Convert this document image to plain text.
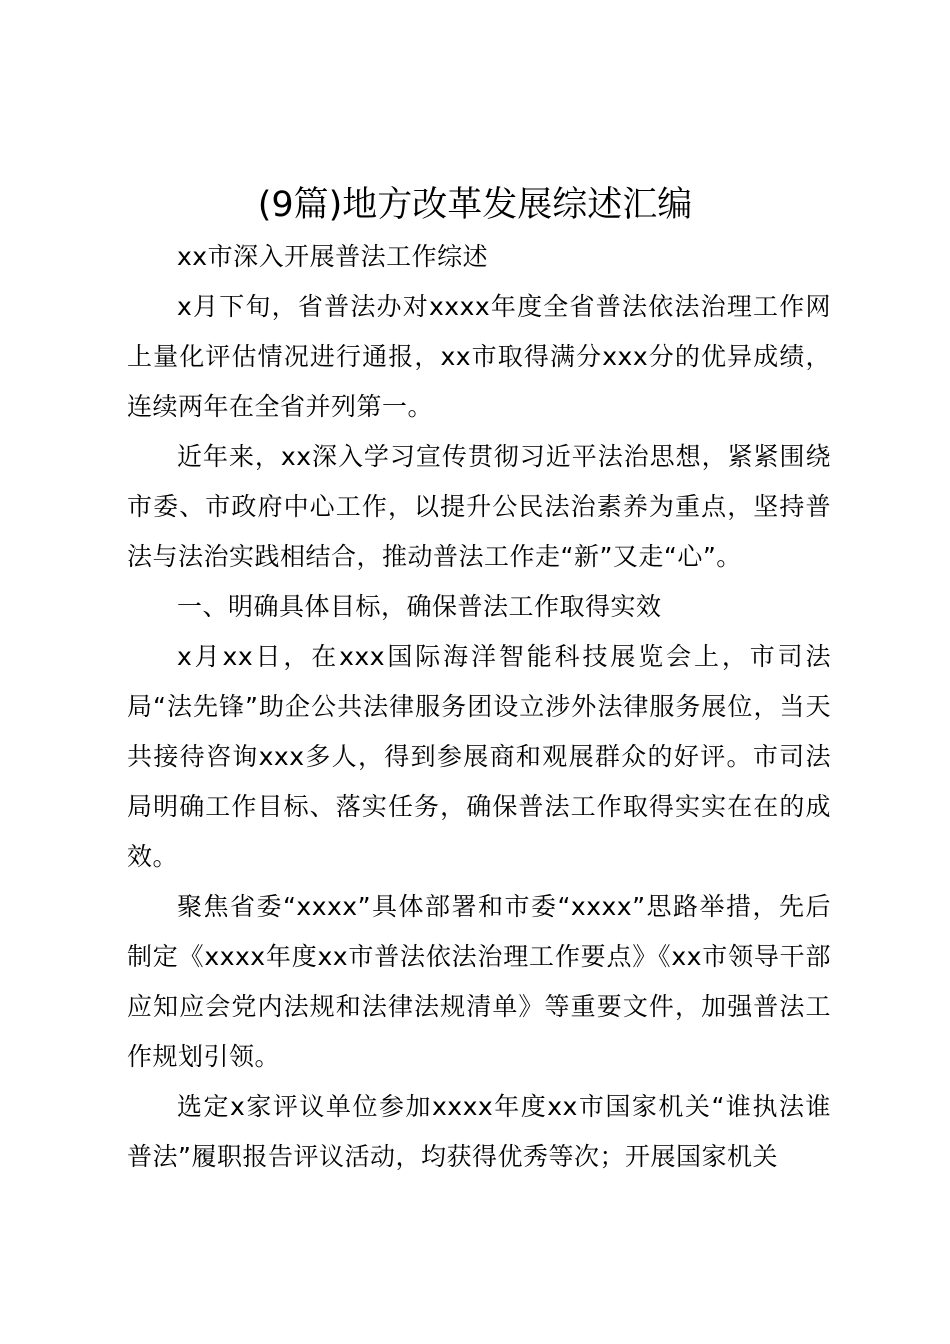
(9篇)地方改革发展综述汇编

xx市深入开展普法工作综述

x月下旬，省普法办对xxxx年度全省普法依法治理工作网上量化评估情况进行通报，xx市取得满分xxx分的优异成绩，连续两年在全省并列第一。

近年来，xx深入学习宣传贯彻习近平法治思想，紧紧围绕市委、市政府中心工作，以提升公民法治素养为重点，坚持普法与法治实践相结合，推动普法工作走“新”又走“心”。

一、明确具体目标，确保普法工作取得实效

x月xx日，在xxx国际海洋智能科技展览会上，市司法局“法先锋”助企公共法律服务团设立涉外法律服务展位，当天共接待咨询xxx多人，得到参展商和观展群众的好评。市司法局明确工作目标、落实任务，确保普法工作取得实实在在的成效。

聚焦省委“xxxx”具体部署和市委“xxxx”思路举措，先后制定《xxxx年度xx市普法依法治理工作要点》《xx市领导干部应知应会党内法规和法律法规清单》等重要文件，加强普法工作规划引领。

选定x家评议单位参加xxxx年度xx市国家机关“谁执法谁普法”履职报告评议活动，均获得优秀等次；开展国家机关
